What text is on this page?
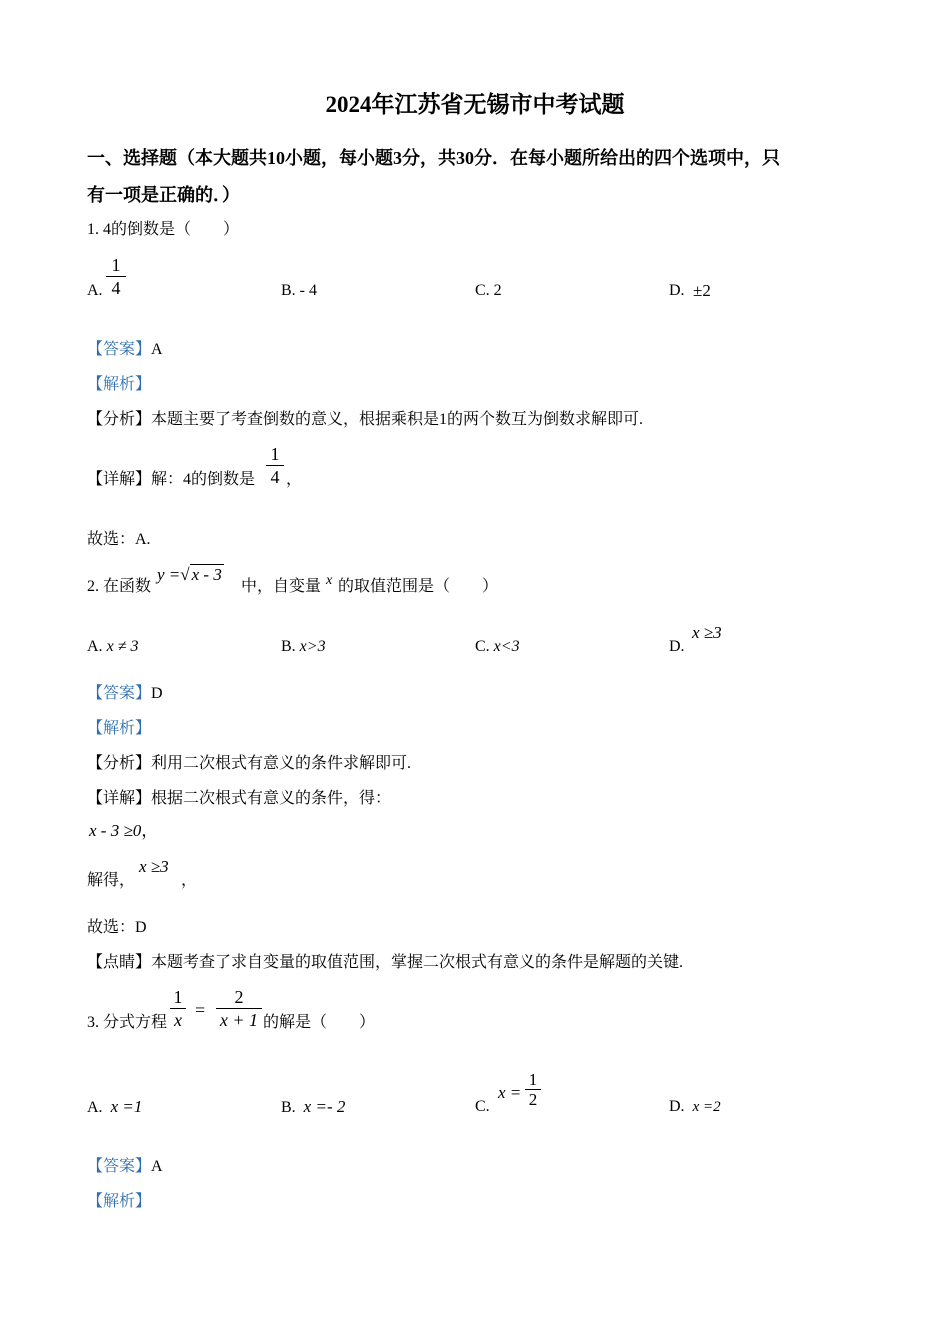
2024年江苏省无锡市中考试题
一、选择题（本大题共10小题，每小题3分，共30分．在每小题所给出的四个选项中，只
有一项是正确的．）
1. 4的倒数是（　　）
A.
1
4	B. - 4	C. 2	D. ±2
【答案】A
【解析】
【分析】本题主要了考查倒数的意义，根据乘积是1的两个数互为倒数求解即可.
【详解】解：4的倒数是
1
4 ，
故选：A.
2. 在函数
y =√ x - 3
中，自变量 x 的取值范围是（　　）
A. x ≠ 3	B. x>3	C. x<3	D.
x ≥3
【答案】D
【解析】
【分析】利用二次根式有意义的条件求解即可.
【详解】根据二次根式有意义的条件，得：
x - 3 ≥0，
解得，
x ≥3
，
故选：D
【点睛】本题考查了求自变量的取值范围，掌握二次根式有意义的条件是解题的关键.
3. 分式方程
1
x =
2
x + 1 的解是（　　）
A. x =1	B. x =- 2	C.
x =
1
2	D. x =2
【答案】A
【解析】
